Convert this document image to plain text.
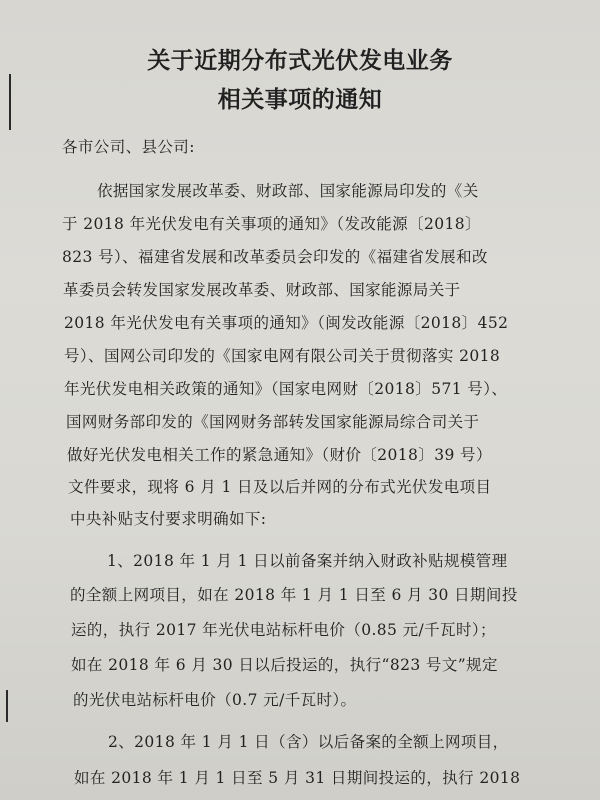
关于近期分布式光伏发电业务
相关事项的通知
各市公司、县公司:
依据国家发展改革委、财政部、国家能源局印发的《关
于 2018 年光伏发电有关事项的通知》（发改能源〔2018〕
823 号）、福建省发展和改革委员会印发的《福建省发展和改
革委员会转发国家发展改革委、财政部、国家能源局关于
2018 年光伏发电有关事项的通知》（闽发改能源〔2018〕452
号）、国网公司印发的《国家电网有限公司关于贯彻落实 2018
年光伏发电相关政策的通知》（国家电网财〔2018〕571 号）、
国网财务部印发的《国网财务部转发国家能源局综合司关于
做好光伏发电相关工作的紧急通知》（财价〔2018〕39 号）
文件要求，现将 6 月 1 日及以后并网的分布式光伏发电项目
中央补贴支付要求明确如下:
1、2018 年 1 月 1 日以前备案并纳入财政补贴规模管理
的全额上网项目，如在 2018 年 1 月 1 日至 6 月 30 日期间投
运的，执行 2017 年光伏电站标杆电价（0.85 元/千瓦时）；
如在 2018 年 6 月 30 日以后投运的，执行“823 号文”规定
的光伏电站标杆电价（0.7 元/千瓦时）。
2、2018 年 1 月 1 日（含）以后备案的全额上网项目，
如在 2018 年 1 月 1 日至 5 月 31 日期间投运的，执行 2018
